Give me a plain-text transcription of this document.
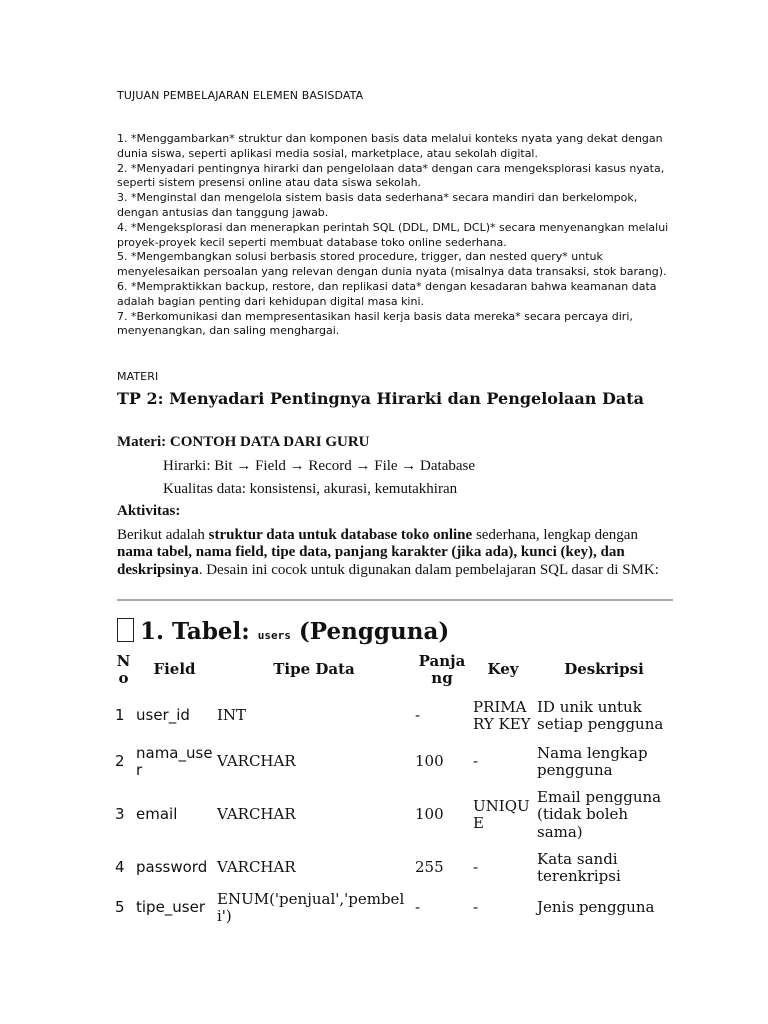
TUJUAN PEMBELAJARAN ELEMEN BASISDATA

1. *Menggambarkan* struktur dan komponen basis data melalui konteks nyata yang dekat dengan dunia siswa, seperti aplikasi media sosial, marketplace, atau sekolah digital.

2. *Menyadari pentingnya hirarki dan pengelolaan data* dengan cara mengeksplorasi kasus nyata, seperti sistem presensi online atau data siswa sekolah.

3. *Menginstal dan mengelola sistem basis data sederhana* secara mandiri dan berkelompok, dengan antusias dan tanggung jawab.

4. *Mengeksplorasi dan menerapkan perintah SQL (DDL, DML, DCL)* secara menyenangkan melalui proyek-proyek kecil seperti membuat database toko online sederhana.

5. *Mengembangkan solusi berbasis stored procedure, trigger, dan nested query* untuk menyelesaikan persoalan yang relevan dengan dunia nyata (misalnya data transaksi, stok barang).

6. *Mempraktikkan backup, restore, dan replikasi data* dengan kesadaran bahwa keamanan data adalah bagian penting dari kehidupan digital masa kini.

7. *Berkomunikasi dan mempresentasikan hasil kerja basis data mereka* secara percaya diri, menyenangkan, dan saling menghargai.

MATERI
TP 2: Menyadari Pentingnya Hirarki dan Pengelolaan Data
Materi: CONTOH DATA DARI GURU
Hirarki: Bit → Field → Record → File → Database
Kualitas data: konsistensi, akurasi, kemutakhiran
Aktivitas:

Berikut adalah struktur data untuk database toko online sederhana, lengkap dengan nama tabel, nama field, tipe data, panjang karakter (jika ada), kunci (key), dan deskripsinya. Desain ini cocok untuk digunakan dalam pembelajaran SQL dasar di SMK:

1. Tabel: users (Pengguna)
No	Field	Tipe Data	Panjang	Key	Deskripsi
1	user_id	INT	-	PRIMARY KEY	ID unik untuk setiap pengguna
2	nama_user	VARCHAR	100	-	Nama lengkap pengguna
3	email	VARCHAR	100	UNIQUE	Email pengguna (tidak boleh sama)
4	password	VARCHAR	255	-	Kata sandi terenkripsi
5	tipe_user	ENUM('penjual','pembeli')	-	-	Jenis pengguna
